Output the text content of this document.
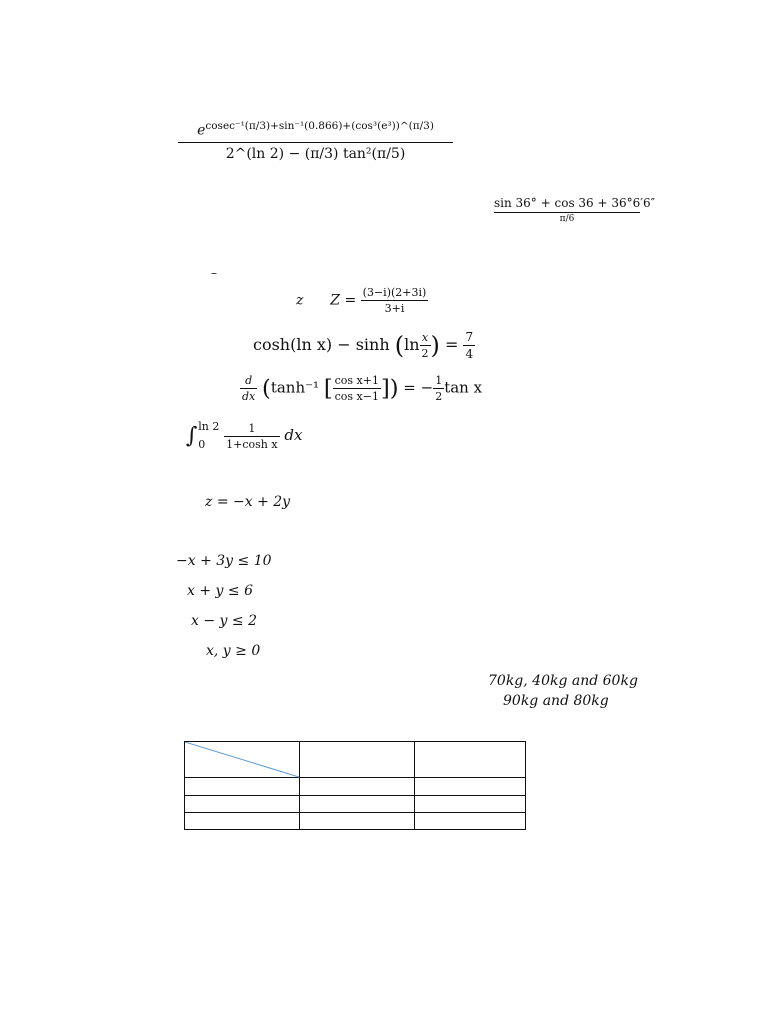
$\frac{e^{cosec^{-1}(\pi/3)+sin^{-1}(0.866)+(cos^3(e^3))\^{}(\pi/3)}}{\text{2\textasciicircum{}(ln 2) − (π/3) tan²(π/5)}}$
sin 36° + cos 36 + 36°6′6″
π/6
–
z $Z = \frac{(3-i)(2+3i)}{3+i}$
cosh(ln $x) - \sinh (\ln \frac{x}{2}$ ) = $\frac{7}{4}$
$\frac{d}{dx} (\tanh^{-1}$ [ $\frac{\text{cos x+1}}{\text{cos x−1}}$ ]) = − $\frac{1}{2}$ tan x
∫ ln 2
0
	$\frac{1}{\text{1+cosh x}}$ dx
z = −x + 2y
−x + 3y ≤ 10
x + y ≤ 6
x − y ≤ 2
x, y ≥ 0
70kg, 40kg and 60kg
90kg and 80kg
